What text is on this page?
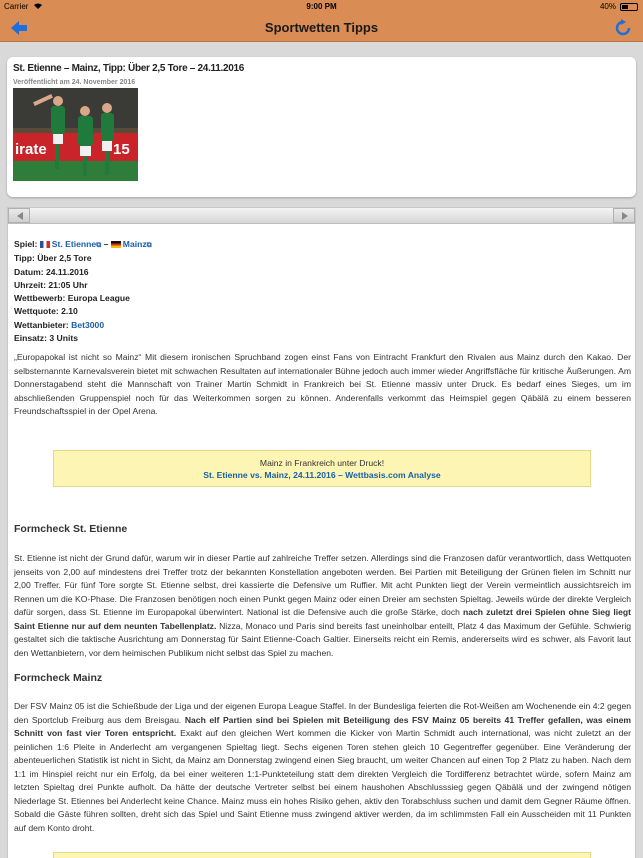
Carrier	9:00 PM	40%
Sportwetten Tipps
St. Etienne – Mainz, Tipp: Über 2,5 Tore – 24.11.2016
Veröffentlicht am 24. November 2016
irate	15

Spiel: St. Etienne⧉ – Mainz⧉

Tipp: Über 2,5 Tore

Datum: 24.11.2016

Uhrzeit: 21:05 Uhr

Wettbewerb: Europa League

Wettquote: 2.10

Wettanbieter: Bet3000

Einsatz: 3 Units

„Europapokal ist nicht so Mainz“ Mit diesem ironischen Spruchband zogen einst Fans von Eintracht Frankfurt den Rivalen aus Mainz durch den Kakao. Der selbsternannte Karnevalsverein bietet mit schwachen Resultaten auf internationaler Bühne jedoch auch immer wieder Angriffsfläche für kritische Äußerungen. Am Donnerstagabend steht die Mannschaft von Trainer Martin Schmidt in Frankreich bei St. Etienne massiv unter Druck. Es bedarf eines Sieges, um im abschließenden Gruppenspiel noch für das Weiterkommen sorgen zu können. Anderenfalls verkommt das Heimspiel gegen Qäbälä zu einem besseren Freundschaftsspiel in der Opel Arena.

Mainz in Frankreich unter Druck!
St. Etienne vs. Mainz, 24.11.2016 – Wettbasis.com Analyse
Formcheck St. Etienne

St. Etienne ist nicht der Grund dafür, warum wir in dieser Partie auf zahlreiche Treffer setzen. Allerdings sind die Franzosen dafür verantwortlich, dass Wettquoten jenseits von 2,00 auf mindestens drei Treffer trotz der bekannten Konstellation angeboten werden. Bei Partien mit Beteiligung der Grünen fielen im Schnitt nur 2,00 Treffer. Für fünf Tore sorgte St. Etienne selbst, drei kassierte die Defensive um Ruffier. Mit acht Punkten liegt der Verein vermeintlich aussichtsreich im Rennen um die KO-Phase. Die Franzosen benötigen noch einen Punkt gegen Mainz oder einen Dreier am sechsten Spieltag. Jeweils würde der direkte Vergleich dafür sorgen, dass St. Etienne im Europapokal überwintert. National ist die Defensive auch die große Stärke, doch nach zuletzt drei Spielen ohne Sieg liegt Saint Etienne nur auf dem neunten Tabellenplatz. Nizza, Monaco und Paris sind bereits fast uneinholbar enteilt, Platz 4 das Maximum der Gefühle. Schwierig gestaltet sich die taktische Ausrichtung am Donnerstag für Saint Etienne-Coach Galtier. Einerseits reicht ein Remis, andererseits wird es schwer, als Favorit laut den Wettanbietern, vor dem heimischen Publikum nicht selbst das Spiel zu machen.

Formcheck Mainz

Der FSV Mainz 05 ist die Schießbude der Liga und der eigenen Europa League Staffel. In der Bundesliga feierten die Rot-Weißen am Wochenende ein 4:2 gegen den Sportclub Freiburg aus dem Breisgau. Nach elf Partien sind bei Spielen mit Beteiligung des FSV Mainz 05 bereits 41 Treffer gefallen, was einem Schnitt von fast vier Toren entspricht. Exakt auf den gleichen Wert kommen die Kicker von Martin Schmidt auch international, was nicht zuletzt an der peinlichen 1:6 Pleite in Anderlecht am vergangenen Spieltag liegt. Sechs eigenen Toren stehen gleich 10 Gegentreffer gegenüber. Eine Veränderung der abenteuerlichen Statistik ist nicht in Sicht, da Mainz am Donnerstag zwingend einen Sieg braucht, um weiter Chancen auf einen Top 2 Platz zu haben. Nach dem 1:1 im Hinspiel reicht nur ein Erfolg, da bei einer weiteren 1:1-Punkteteilung statt dem direkten Vergleich die Tordifferenz betrachtet würde, sofern Mainz am letzten Spieltag drei Punkte aufholt. Da hätte der deutsche Vertreter selbst bei einem haushohen Abschlusssieg gegen Qäbälä und der zwingend nötigen Niederlage St. Etiennes bei Anderlecht keine Chance. Mainz muss ein hohes Risiko gehen, aktiv den Torabschluss suchen und damit dem Gegner Räume öffnen. Sobald die Gäste führen sollten, dreht sich das Spiel und Saint Etienne muss zwingend aktiver werden, da im schlimmsten Fall ein Ausscheiden mit 11 Punkten auf dem Konto droht.
